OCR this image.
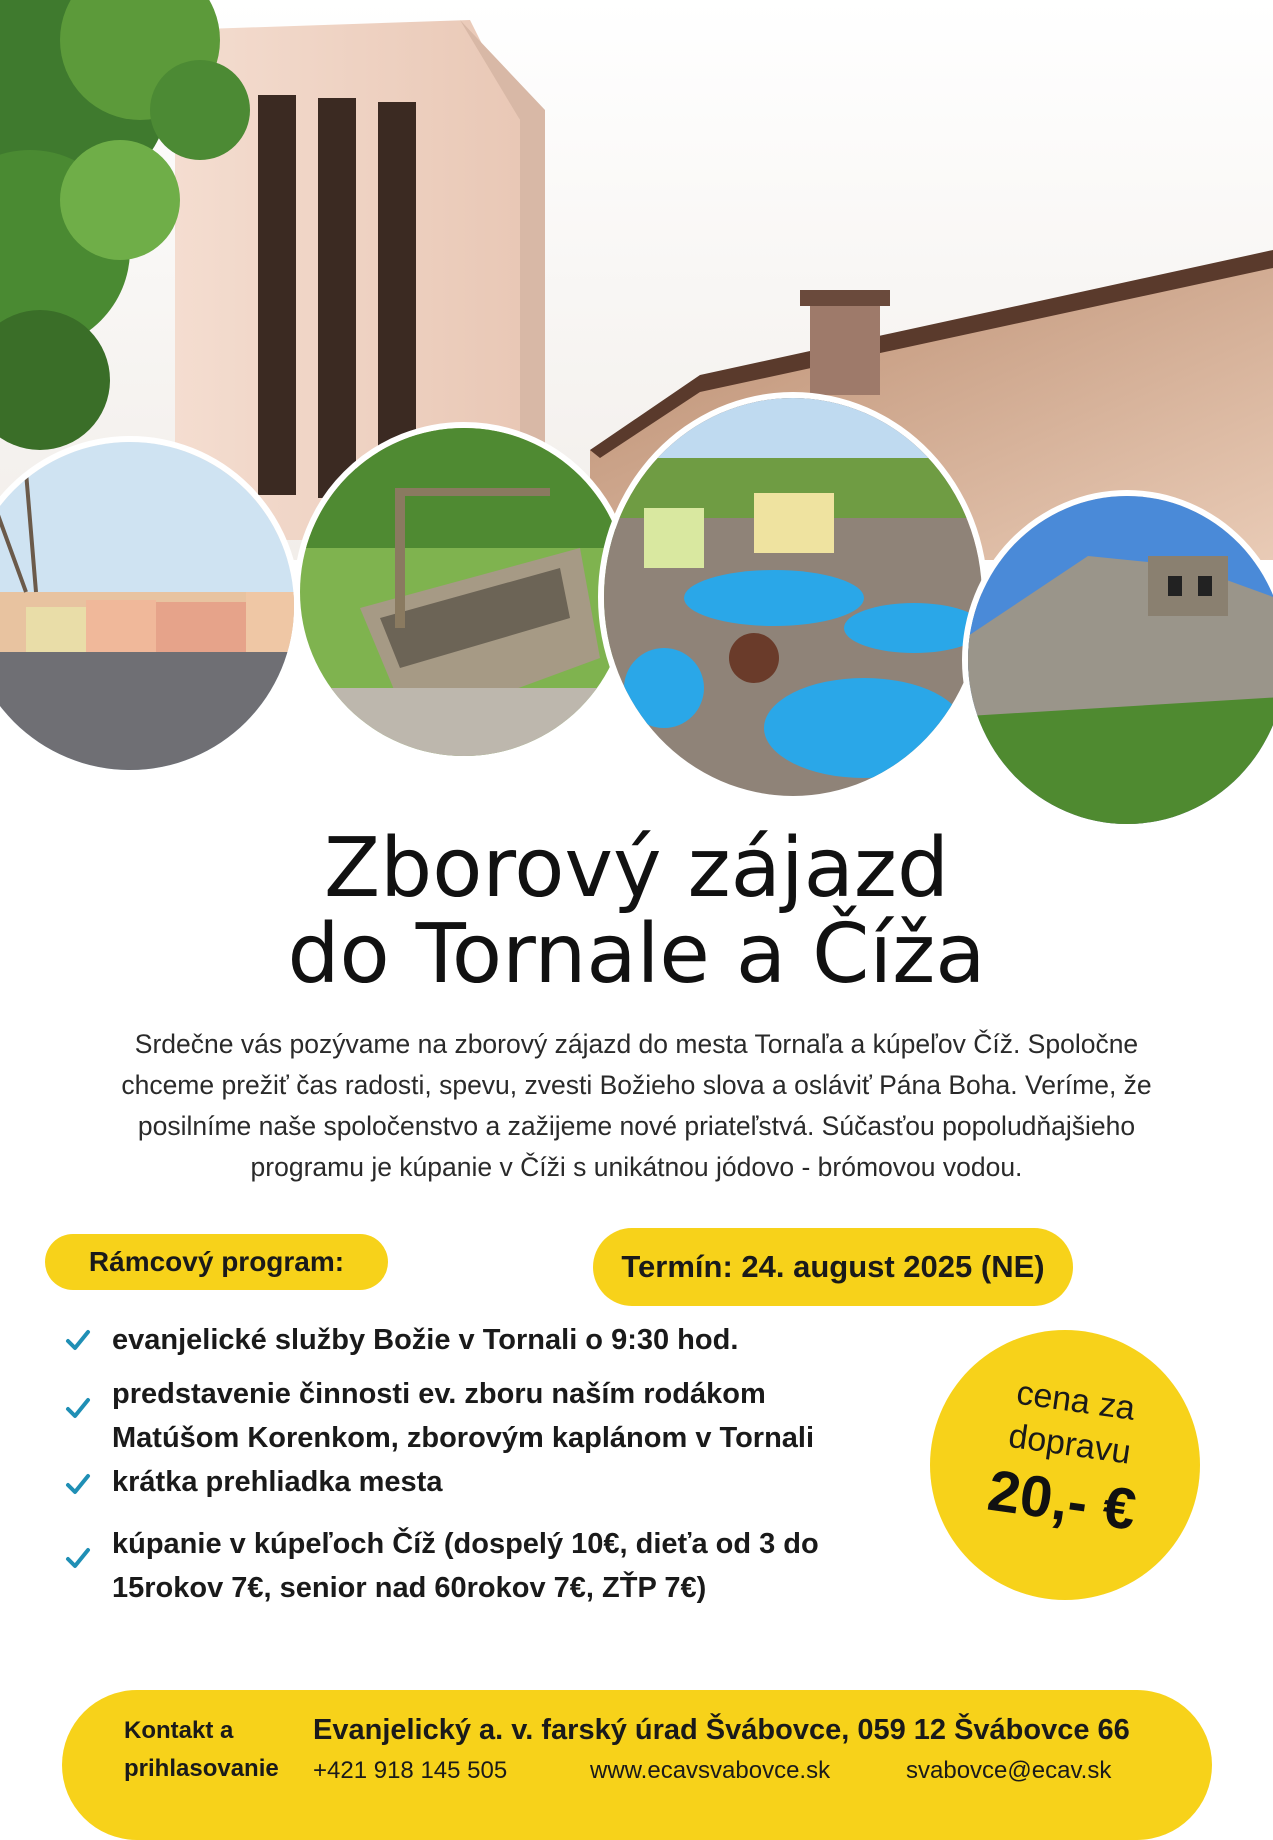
Zborový zájazd
do Tornale a Číža
Srdečne vás pozývame na zborový zájazd do mesta Tornaľa a kúpeľov Číž. Spoločne
chceme prežiť čas radosti, spevu, zvesti Božieho slova a osláviť Pána Boha. Veríme, že
posilníme naše spoločenstvo a zažijeme nové priateľstvá. Súčasťou popoludňajšieho
programu je kúpanie v Číži s unikátnou jódovo - brómovou vodou.
Rámcový program:	Termín: 24. august 2025 (NE)
evanjelické služby Božie v Tornali o 9:30 hod.
predstavenie činnosti ev. zboru naším rodákom
Matúšom Korenkom, zborovým kaplánom v Tornali
krátka prehliadka mesta
kúpanie v kúpeľoch Číž (dospelý 10€, dieťa od 3 do
15rokov 7€, senior nad 60rokov 7€, ZŤP 7€)
cena za
dopravu
20,- €
Kontakt a
prihlasovanie
Evanjelický a. v. farský úrad Švábovce, 059 12 Švábovce 66
+421 918 145 505	www.ecavsvabovce.sk	svabovce@ecav.sk
